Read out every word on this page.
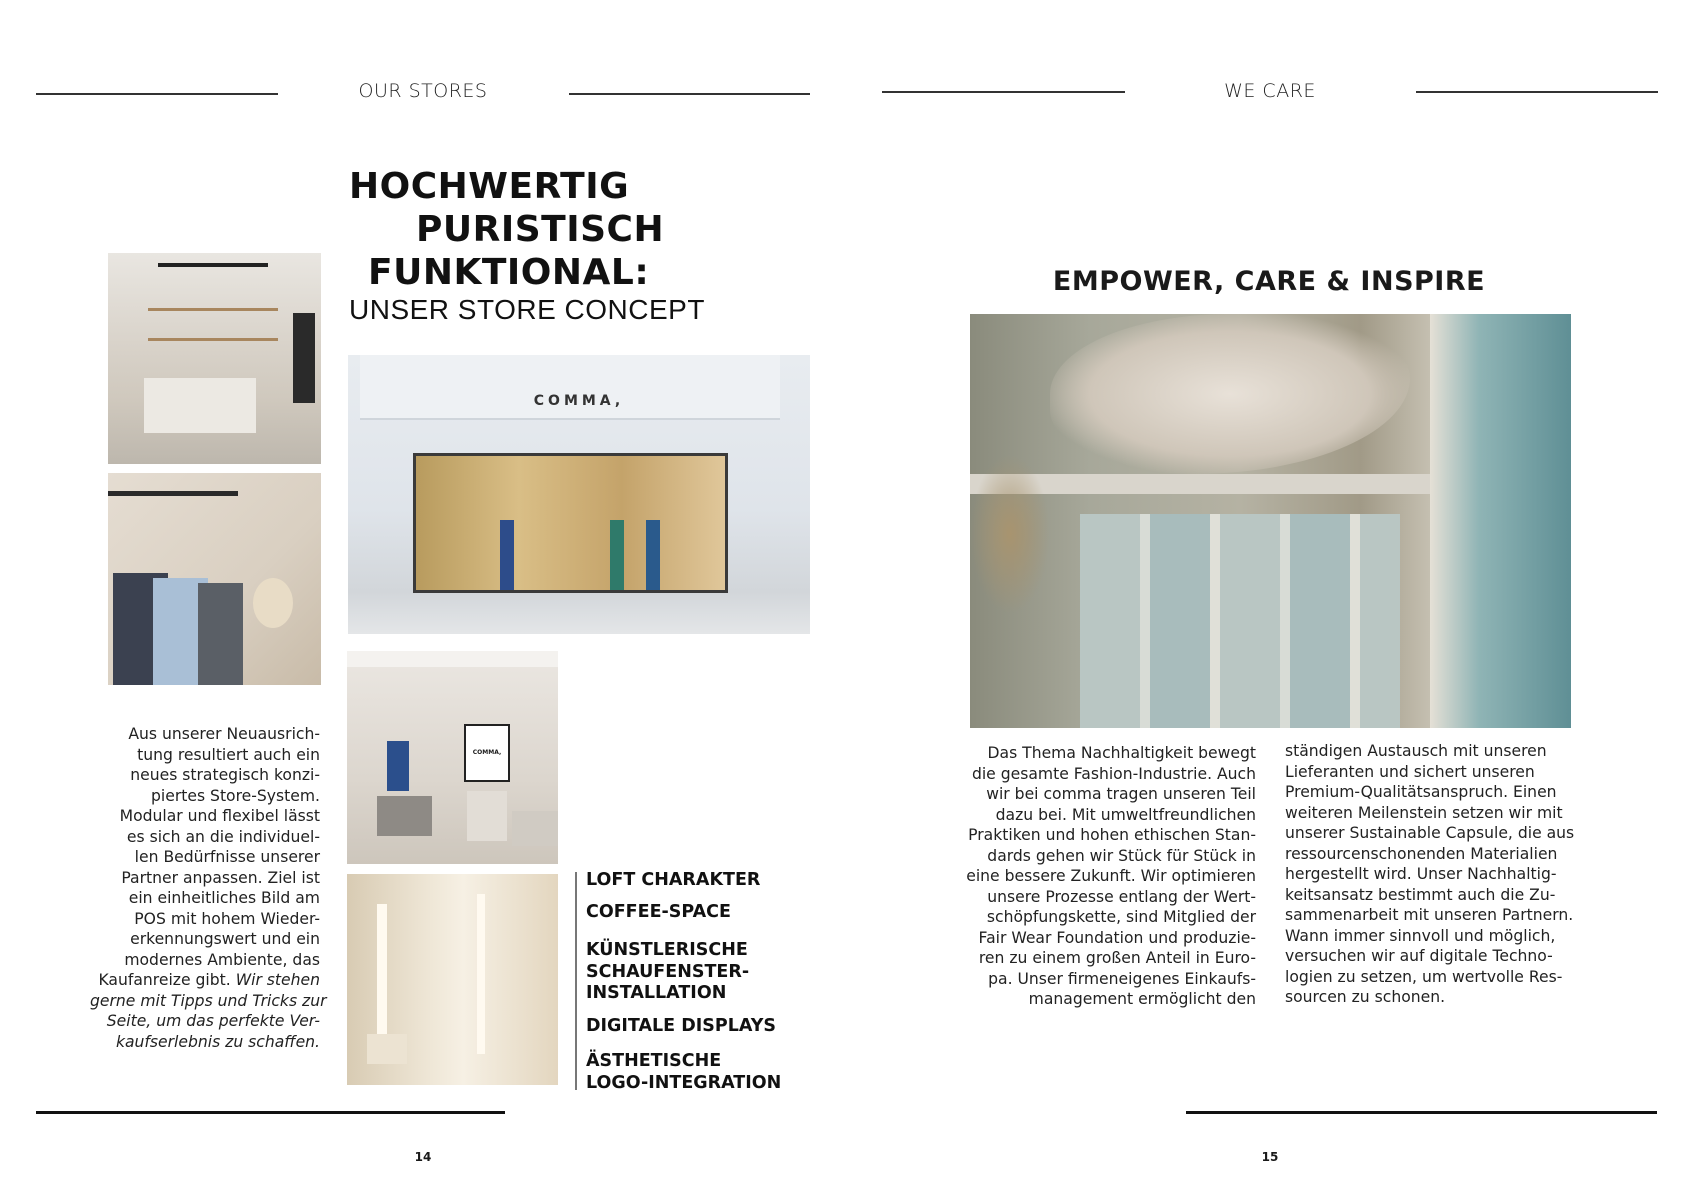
OUR STORES
HOCHWERTIG
PURISTISCH
FUNKTIONAL:
UNSER STORE CONCEPT
COMMA,
COMMA,
Aus unserer Neuausrich-
tung resultiert auch ein
neues strategisch konzi-
piertes Store-System.
Modular und flexibel lässt
es sich an die individuel-
len Bedürfnisse unserer
Partner anpassen. Ziel ist
ein einheitliches Bild am
POS mit hohem Wieder-
erkennungswert und ein
modernes Ambiente, das
Kaufanreize gibt. Wir stehen
gerne mit Tipps und Tricks zur
Seite, um das perfekte Ver-
kaufserlebnis zu schaffen.
LOFT CHARAKTER
COFFEE-SPACE
KÜNSTLERISCHE
SCHAUFENSTER-
INSTALLATION
DIGITALE DISPLAYS
ÄSTHETISCHE
LOGO-INTEGRATION
14
WE CARE
EMPOWER, CARE & INSPIRE
Das Thema Nachhaltigkeit bewegt
die gesamte Fashion-Industrie. Auch
wir bei comma tragen unseren Teil
dazu bei. Mit umweltfreundlichen
Praktiken und hohen ethischen Stan-
dards gehen wir Stück für Stück in
eine bessere Zukunft. Wir optimieren
unsere Prozesse entlang der Wert-
schöpfungskette, sind Mitglied der
Fair Wear Foundation und produzie-
ren zu einem großen Anteil in Euro-
pa. Unser firmeneigenes Einkaufs-
management ermöglicht den
ständigen Austausch mit unseren
Lieferanten und sichert unseren
Premium-Qualitätsanspruch. Einen
weiteren Meilenstein setzen wir mit
unserer Sustainable Capsule, die aus
ressourcenschonenden Materialien
hergestellt wird. Unser Nachhaltig-
keitsansatz bestimmt auch die Zu-
sammenarbeit mit unseren Partnern.
Wann immer sinnvoll und möglich,
versuchen wir auf digitale Techno-
logien zu setzen, um wertvolle Res-
sourcen zu schonen.
15
